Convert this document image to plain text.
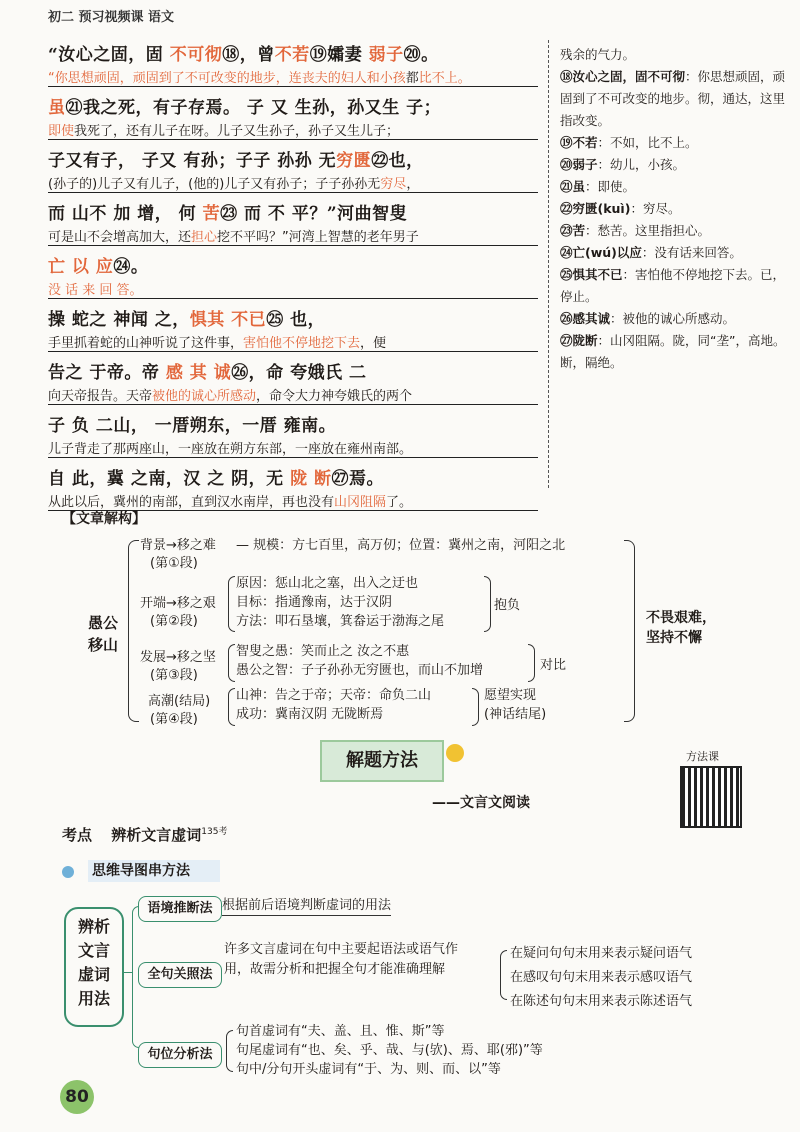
初二 预习视频课 语文
“汝心之固，固 不可彻⑱，曾不若⑲孀妻 弱子⑳。
“你思想顽固，顽固到了不可改变的地步，连丧夫的妇人和小孩都比不上。
虽㉑我之死，有子存焉。 子 又 生孙，孙又生 子；
即使我死了，还有儿子在呀。儿子又生孙子，孙子又生儿子；
子又有子， 子又 有孙；子子 孙孙 无穷匮㉒也，
(孙子的)儿子又有儿子，(他的)儿子又有孙子；子子孙孙无穷尽，
而 山不 加 增， 何 苦㉓ 而 不 平？”河曲智叟
可是山不会增高加大，还担心挖不平吗？”河湾上智慧的老年男子
亡 以 应㉔。
没 话 来 回 答。
操 蛇之 神闻 之，惧其 不已㉕ 也，
手里抓着蛇的山神听说了这件事，害怕他不停地挖下去，便
告之 于帝。帝 感 其 诚㉖，命 夸娥氏 二
向天帝报告。天帝被他的诚心所感动，命令大力神夸娥氏的两个
子 负 二山， 一厝朔东，一厝 雍南。
儿子背走了那两座山，一座放在朔方东部，一座放在雍州南部。
自 此，冀 之南，汉 之 阴，无 陇 断㉗焉。
从此以后，冀州的南部，直到汉水南岸，再也没有山冈阻隔了。
残余的气力。
⑱汝心之固，固不可彻：你思想顽固，顽固到了不可改变的地步。彻，通达，这里指改变。
⑲不若：不如，比不上。
⑳弱子：幼儿，小孩。
㉑虽：即使。
㉒穷匮(kuì)：穷尽。
㉓苦：愁苦。这里指担心。
㉔亡(wú)以应：没有话来回答。
㉕惧其不已：害怕他不停地挖下去。已，停止。
㉖感其诚：被他的诚心所感动。
㉗陇断：山冈阻隔。陇，同“垄”，高地。断，隔绝。
【文章解构】
愚公
移山
背景→移之难
(第①段)
— 规模：方七百里，高万仞；位置：冀州之南，河阳之北
开端→移之艰
(第②段)
原因：惩山北之塞，出入之迂也
目标：指通豫南，达于汉阴
方法：叩石垦壤，箕畚运于渤海之尾
抱负
发展→移之坚
(第③段)
智叟之愚：笑而止之 汝之不惠
愚公之智：子子孙孙无穷匮也，而山不加增	对比
高潮(结局)
(第④段)
山神：告之于帝；天帝：命负二山
成功：冀南汉阴 无陇断焉
愿望实现
(神话结尾)
不畏艰难，
坚持不懈
解题方法
——文言文阅读
方法课
考点 辨析文言虚词$^{135考}$
思维导图串方法
辨析
文言
虚词
用法
语境推断法 根据前后语境判断虚词的用法
全句关照法
许多文言虚词在句中主要起语法或语气作
用，故需分析和把握全句才能准确理解
在疑问句句末用来表示疑问语气
在感叹句句末用来表示感叹语气
在陈述句句末用来表示陈述语气
句位分析法
句首虚词有“夫、盖、且、惟、斯”等
句尾虚词有“也、矣、乎、哉、与(欤)、焉、耶(邪)”等
句中/分句开头虚词有“于、为、则、而、以”等
80
